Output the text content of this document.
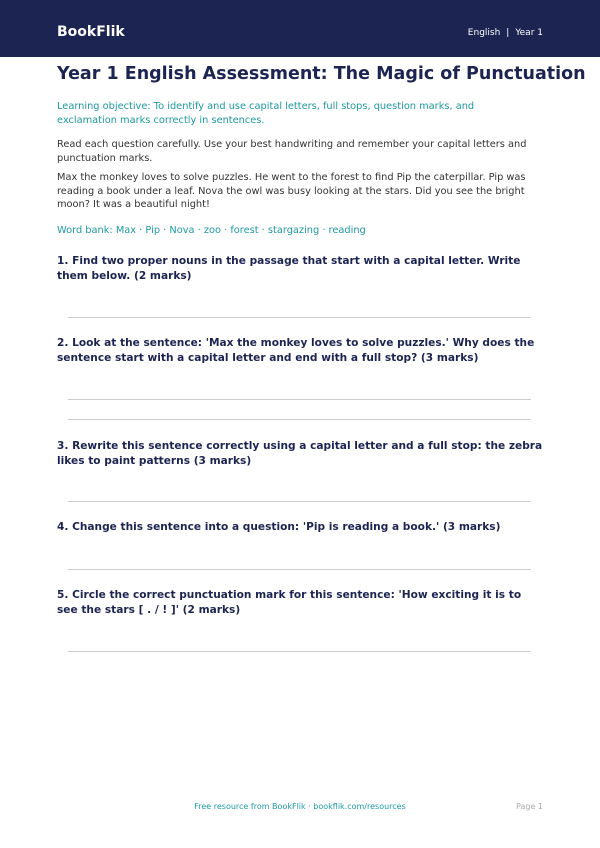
BookFlik	English | Year 1
Year 1 English Assessment: The Magic of Punctuation
Learning objective: To identify and use capital letters, full stops, question marks, and exclamation marks correctly in sentences.
Read each question carefully. Use your best handwriting and remember your capital letters and punctuation marks.
Max the monkey loves to solve puzzles. He went to the forest to find Pip the caterpillar. Pip was reading a book under a leaf. Nova the owl was busy looking at the stars. Did you see the bright moon? It was a beautiful night!
Word bank: Max · Pip · Nova · zoo · forest · stargazing · reading
1. Find two proper nouns in the passage that start with a capital letter. Write them below. (2 marks)
2. Look at the sentence: 'Max the monkey loves to solve puzzles.' Why does the sentence start with a capital letter and end with a full stop? (3 marks)
3. Rewrite this sentence correctly using a capital letter and a full stop: the zebra likes to paint patterns (3 marks)
4. Change this sentence into a question: 'Pip is reading a book.' (3 marks)
5. Circle the correct punctuation mark for this sentence: 'How exciting it is to see the stars [ . / ! ]' (2 marks)
Free resource from BookFlik · bookflik.com/resources	Page 1
